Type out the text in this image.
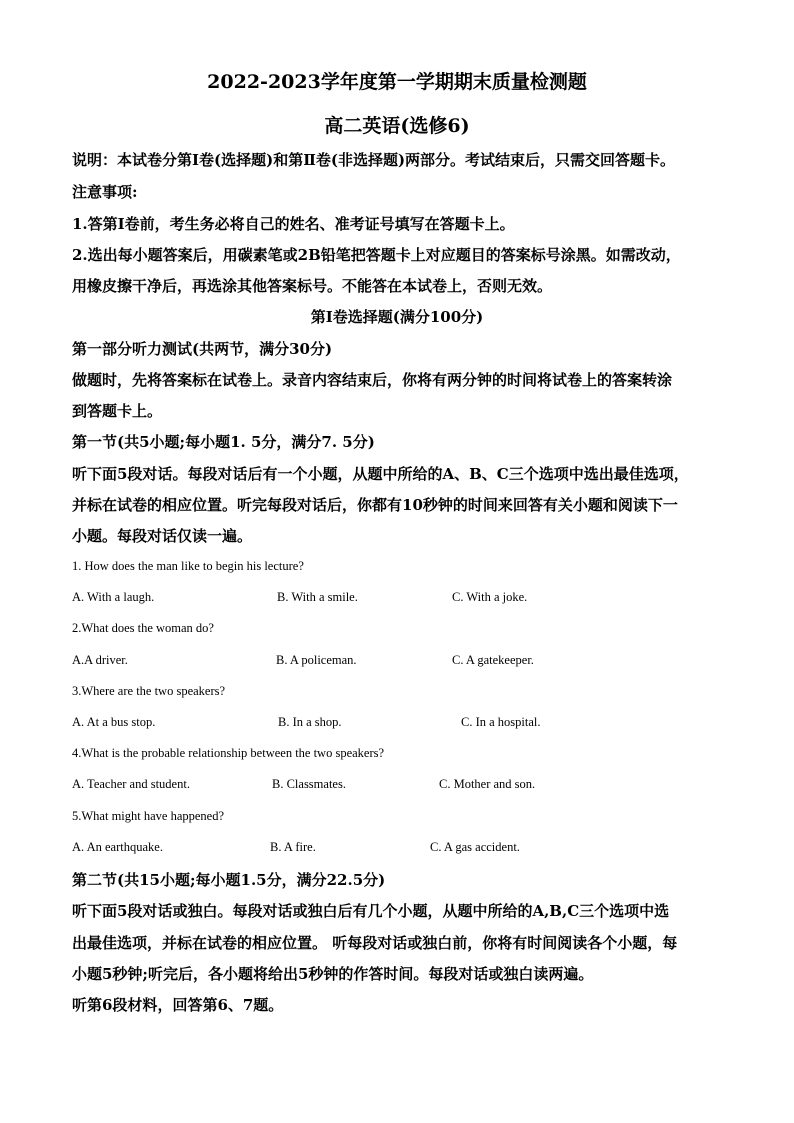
2022-2023学年度第一学期期末质量检测题
高二英语(选修6)
说明：本试卷分第Ⅰ卷(选择题)和第Ⅱ卷(非选择题)两部分。考试结束后，只需交回答题卡。
注意事项:
1.答第Ⅰ卷前，考生务必将自己的姓名、准考证号填写在答题卡上。
2.选出每小题答案后，用碳素笔或2B铅笔把答题卡上对应题目的答案标号涂黑。如需改动，
用橡皮擦干净后，再选涂其他答案标号。不能答在本试卷上，否则无效。
第Ⅰ卷选择题(满分100分)
第一部分听力测试(共两节，满分30分)
做题时，先将答案标在试卷上。录音内容结束后，你将有两分钟的时间将试卷上的答案转涂
到答题卡上。
第一节(共5小题;每小题1. 5分，满分7. 5分)
听下面5段对话。每段对话后有一个小题，从题中所给的A、B、C三个选项中选出最佳选项，
并标在试卷的相应位置。听完每段对话后，你都有10秒钟的时间来回答有关小题和阅读下一
小题。每段对话仅读一遍。
1. How does the man like to begin his lecture?
A. With a laugh.	B. With a smile.	C. With a joke.
2.What does the woman do?
A.A driver.	B. A policeman.	C. A gatekeeper.
3.Where are the two speakers?
A. At a bus stop.	B. In a shop.	C. In a hospital.
4.What is the probable relationship between the two speakers?
A. Teacher and student.	B. Classmates.	C. Mother and son.
5.What might have happened?
A. An earthquake.	B. A fire.	C. A gas accident.
第二节(共15小题;每小题1.5分，满分22.5分)
听下面5段对话或独白。每段对话或独白后有几个小题，从题中所给的A,B,C三个选项中选
出最佳选项，并标在试卷的相应位置。 听每段对话或独白前，你将有时间阅读各个小题，每
小题5秒钟;听完后，各小题将给出5秒钟的作答时间。每段对话或独白读两遍。
听第6段材料，回答第6、7题。
